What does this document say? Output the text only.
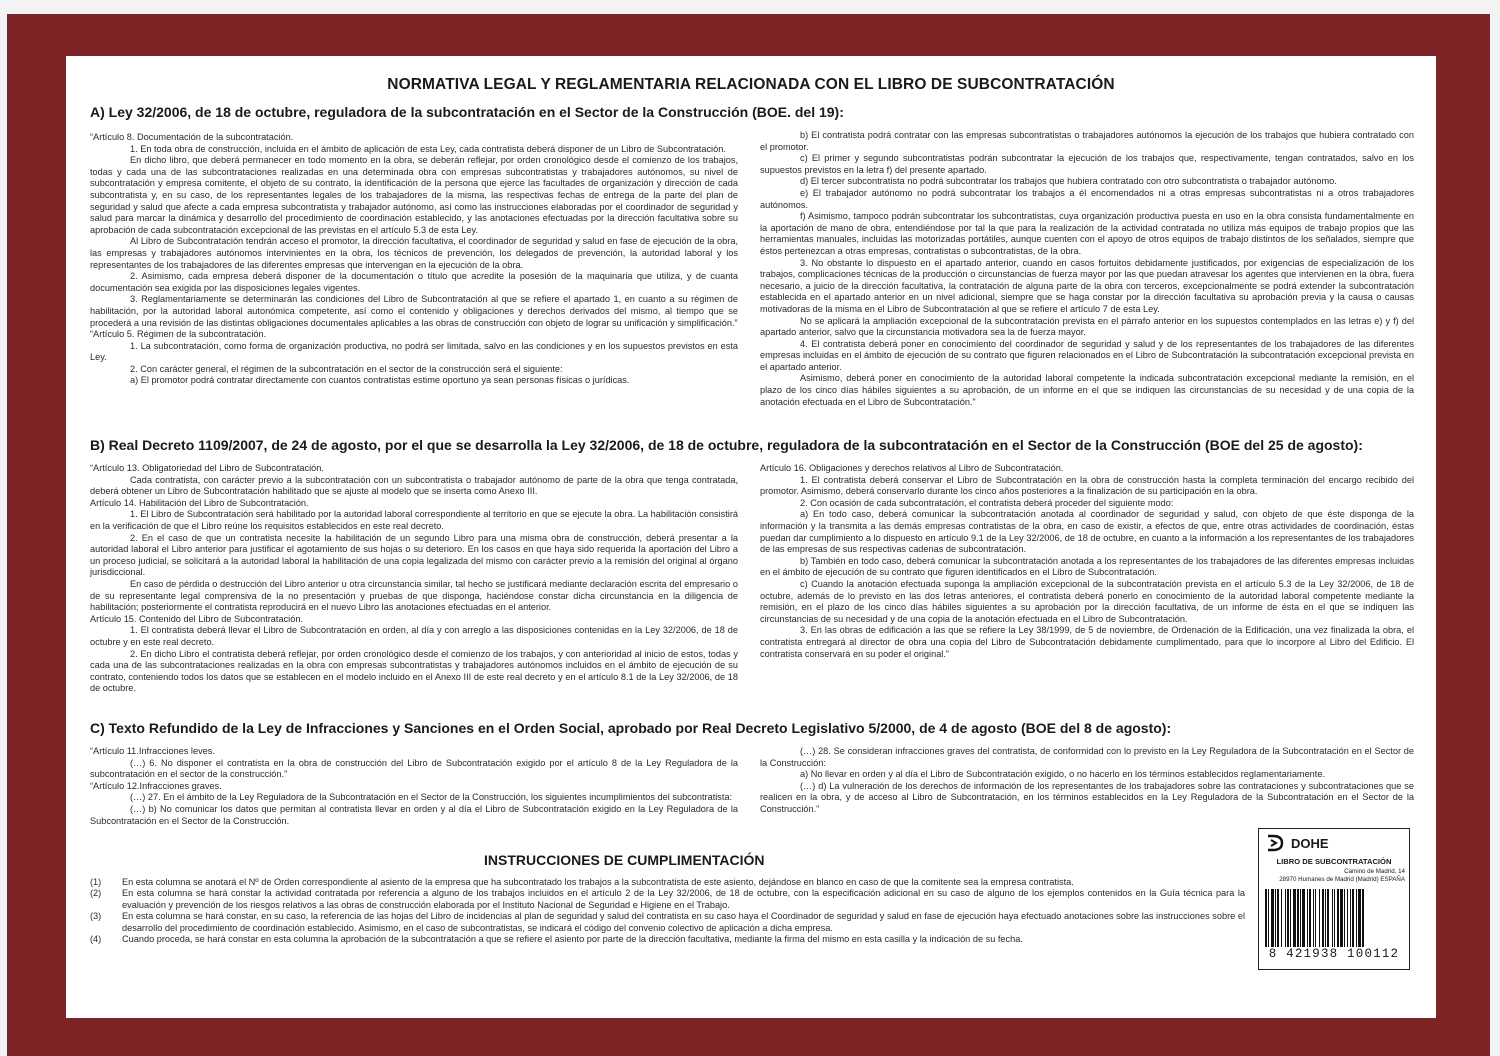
NORMATIVA LEGAL Y REGLAMENTARIA RELACIONADA CON EL LIBRO DE SUBCONTRATACIÓN
A) Ley 32/2006, de 18 de octubre, reguladora de la subcontratación en el Sector de la Construcción (BOE. del 19):

“Artículo 8. Documentación de la subcontratación.

1. En toda obra de construcción, incluida en el ámbito de aplicación de esta Ley, cada contratista deberá disponer de un Libro de Subcontratación.

En dicho libro, que deberá permanecer en todo momento en la obra, se deberán reflejar, por orden cronológico desde el comienzo de los trabajos, todas y cada una de las subcontrataciones realizadas en una determinada obra con empresas subcontratistas y trabajadores autónomos, su nivel de subcontratación y empresa comitente, el objeto de su contrato, la identificación de la persona que ejerce las facultades de organización y dirección de cada subcontratista y, en su caso, de los representantes legales de los trabajadores de la misma, las respectivas fechas de entrega de la parte del plan de seguridad y salud que afecte a cada empresa subcontratista y trabajador autónomo, así como las instrucciones elaboradas por el coordinador de seguridad y salud para marcar la dinámica y desarrollo del procedimiento de coordinación establecido, y las anotaciones efectuadas por la dirección facultativa sobre su aprobación de cada subcontratación excepcional de las previstas en el artículo 5.3 de esta Ley.

Al Libro de Subcontratación tendrán acceso el promotor, la dirección facultativa, el coordinador de seguridad y salud en fase de ejecución de la obra, las empresas y trabajadores autónomos intervinientes en la obra, los técnicos de prevención, los delegados de prevención, la autoridad laboral y los representantes de los trabajadores de las diferentes empresas que intervengan en la ejecución de la obra.

2. Asimismo, cada empresa deberá disponer de la documentación o título que acredite la posesión de la maquinaria que utiliza, y de cuanta documentación sea exigida por las disposiciones legales vigentes.

3. Reglamentariamente se determinarán las condiciones del Libro de Subcontratación al que se refiere el apartado 1, en cuanto a su régimen de habilitación, por la autoridad laboral autonómica competente, así como el contenido y obligaciones y derechos derivados del mismo, al tiempo que se procederá a una revisión de las distintas obligaciones documentales aplicables a las obras de construcción con objeto de lograr su unificación y simplificación.”

“Artículo 5. Régimen de la subcontratación.

1. La subcontratación, como forma de organización productiva, no podrá ser limitada, salvo en las condiciones y en los supuestos previstos en esta Ley.

2. Con carácter general, el régimen de la subcontratación en el sector de la construcción será el siguiente:

a) El promotor podrá contratar directamente con cuantos contratistas estime oportuno ya sean personas físicas o jurídicas.

b) El contratista podrá contratar con las empresas subcontratistas o trabajadores autónomos la ejecución de los trabajos que hubiera contratado con el promotor.

c) El primer y segundo subcontratistas podrán subcontratar la ejecución de los trabajos que, respectivamente, tengan contratados, salvo en los supuestos previstos en la letra f) del presente apartado.

d) El tercer subcontratista no podrá subcontratar los trabajos que hubiera contratado con otro subcontratista o trabajador autónomo.

e) El trabajador autónomo no podrá subcontratar los trabajos a él encomendados ni a otras empresas subcontratistas ni a otros trabajadores autónomos.

f) Asimismo, tampoco podrán subcontratar los subcontratistas, cuya organización productiva puesta en uso en la obra consista fundamentalmente en la aportación de mano de obra, entendiéndose por tal la que para la realización de la actividad contratada no utiliza más equipos de trabajo propios que las herramientas manuales, incluidas las motorizadas portátiles, aunque cuenten con el apoyo de otros equipos de trabajo distintos de los señalados, siempre que éstos pertenezcan a otras empresas, contratistas o subcontratistas, de la obra.

3. No obstante lo dispuesto en el apartado anterior, cuando en casos fortuitos debidamente justificados, por exigencias de especialización de los trabajos, complicaciones técnicas de la producción o circunstancias de fuerza mayor por las que puedan atravesar los agentes que intervienen en la obra, fuera necesario, a juicio de la dirección facultativa, la contratación de alguna parte de la obra con terceros, excepcionalmente se podrá extender la subcontratación establecida en el apartado anterior en un nivel adicional, siempre que se haga constar por la dirección facultativa su aprobación previa y la causa o causas motivadoras de la misma en el Libro de Subcontratación al que se refiere el artículo 7 de esta Ley.

No se aplicará la ampliación excepcional de la subcontratación prevista en el párrafo anterior en los supuestos contemplados en las letras e) y f) del apartado anterior, salvo que la circunstancia motivadora sea la de fuerza mayor.

4. El contratista deberá poner en conocimiento del coordinador de seguridad y salud y de los representantes de los trabajadores de las diferentes empresas incluidas en el ámbito de ejecución de su contrato que figuren relacionados en el Libro de Subcontratación la subcontratación excepcional prevista en el apartado anterior.

Asimismo, deberá poner en conocimiento de la autoridad laboral competente la indicada subcontratación excepcional mediante la remisión, en el plazo de los cinco días hábiles siguientes a su aprobación, de un informe en el que se indiquen las circunstancias de su necesidad y de una copia de la anotación efectuada en el Libro de Subcontratación.”

B) Real Decreto 1109/2007, de 24 de agosto, por el que se desarrolla la Ley 32/2006, de 18 de octubre, reguladora de la subcontratación en el Sector de la Construcción (BOE del 25 de agosto):

“Artículo 13. Obligatoriedad del Libro de Subcontratación.

Cada contratista, con carácter previo a la subcontratación con un subcontratista o trabajador autónomo de parte de la obra que tenga contratada, deberá obtener un Libro de Subcontratación habilitado que se ajuste al modelo que se inserta como Anexo III.

Artículo 14. Habilitación del Libro de Subcontratación.

1. El Libro de Subcontratación será habilitado por la autoridad laboral correspondiente al territorio en que se ejecute la obra. La habilitación consistirá en la verificación de que el Libro reúne los requisitos establecidos en este real decreto.

2. En el caso de que un contratista necesite la habilitación de un segundo Libro para una misma obra de construcción, deberá presentar a la autoridad laboral el Libro anterior para justificar el agotamiento de sus hojas o su deterioro. En los casos en que haya sido requerida la aportación del Libro a un proceso judicial, se solicitará a la autoridad laboral la habilitación de una copia legalizada del mismo con carácter previo a la remisión del original al órgano jurisdiccional.

En caso de pérdida o destrucción del Libro anterior u otra circunstancia similar, tal hecho se justificará mediante declaración escrita del empresario o de su representante legal comprensiva de la no presentación y pruebas de que disponga, haciéndose constar dicha circunstancia en la diligencia de habilitación; posteriormente el contratista reproducirá en el nuevo Libro las anotaciones efectuadas en el anterior.

Artículo 15. Contenido del Libro de Subcontratación.

1. El contratista deberá llevar el Libro de Subcontratación en orden, al día y con arreglo a las disposiciones contenidas en la Ley 32/2006, de 18 de octubre y en este real decreto.

2. En dicho Libro el contratista deberá reflejar, por orden cronológico desde el comienzo de los trabajos, y con anterioridad al inicio de estos, todas y cada una de las subcontrataciones realizadas en la obra con empresas subcontratistas y trabajadores autónomos incluidos en el ámbito de ejecución de su contrato, conteniendo todos los datos que se establecen en el modelo incluido en el Anexo III de este real decreto y en el artículo 8.1 de la Ley 32/2006, de 18 de octubre.

Artículo 16. Obligaciones y derechos relativos al Libro de Subcontratación.

1. El contratista deberá conservar el Libro de Subcontratación en la obra de construcción hasta la completa terminación del encargo recibido del promotor. Asimismo, deberá conservarlo durante los cinco años posteriores a la finalización de su participación en la obra.

2. Con ocasión de cada subcontratación, el contratista deberá proceder del siguiente modo:

a) En todo caso, deberá comunicar la subcontratación anotada al coordinador de seguridad y salud, con objeto de que éste disponga de la información y la transmita a las demás empresas contratistas de la obra, en caso de existir, a efectos de que, entre otras actividades de coordinación, éstas puedan dar cumplimiento a lo dispuesto en artículo 9.1 de la Ley 32/2006, de 18 de octubre, en cuanto a la información a los representantes de los trabajadores de las empresas de sus respectivas cadenas de subcontratación.

b) También en todo caso, deberá comunicar la subcontratación anotada a los representantes de los trabajadores de las diferentes empresas incluidas en el ámbito de ejecución de su contrato que figuren identificados en el Libro de Subcontratación.

c) Cuando la anotación efectuada suponga la ampliación excepcional de la subcontratación prevista en el artículo 5.3 de la Ley 32/2006, de 18 de octubre, además de lo previsto en las dos letras anteriores, el contratista deberá ponerlo en conocimiento de la autoridad laboral competente mediante la remisión, en el plazo de los cinco días hábiles siguientes a su aprobación por la dirección facultativa, de un informe de ésta en el que se indiquen las circunstancias de su necesidad y de una copia de la anotación efectuada en el Libro de Subcontratación.

3. En las obras de edificación a las que se refiere la Ley 38/1999, de 5 de noviembre, de Ordenación de la Edificación, una vez finalizada la obra, el contratista entregará al director de obra una copia del Libro de Subcontratación debidamente cumplimentado, para que lo incorpore al Libro del Edificio. El contratista conservará en su poder el original.”

C) Texto Refundido de la Ley de Infracciones y Sanciones en el Orden Social, aprobado por Real Decreto Legislativo 5/2000, de 4 de agosto (BOE del 8 de agosto):

“Artículo 11.Infracciones leves.

(…) 6. No disponer el contratista en la obra de construcción del Libro de Subcontratación exigido por el artículo 8 de la Ley Reguladora de la subcontratación en el sector de la construcción.”

“Artículo 12.Infracciones graves.

(…) 27. En el ámbito de la Ley Reguladora de la Subcontratación en el Sector de la Construcción, los siguientes incumplimientos del subcontratista:

(…) b) No comunicar los datos que permitan al contratista llevar en orden y al día el Libro de Subcontratación exigido en la Ley Reguladora de la Subcontratación en el Sector de la Construcción.

(…) 28. Se consideran infracciones graves del contratista, de conformidad con lo previsto en la Ley Reguladora de la Subcontratación en el Sector de la Construcción:

a) No llevar en orden y al día el Libro de Subcontratación exigido, o no hacerlo en los términos establecidos reglamentariamente.

(…) d) La vulneración de los derechos de información de los representantes de los trabajadores sobre las contrataciones y subcontrataciones que se realicen en la obra, y de acceso al Libro de Subcontratación, en los términos establecidos en la Ley Reguladora de la Subcontratación en el Sector de la Construcción.”

INSTRUCCIONES DE CUMPLIMENTACIÓN
(1)	En esta columna se anotará el Nº de Orden correspondiente al asiento de la empresa que ha subcontratado los trabajos a la subcontratista de este asiento, dejándose en blanco en caso de que la comitente sea la empresa contratista.
(2)	En esta columna se hará constar la actividad contratada por referencia a alguno de los trabajos incluidos en el artículo 2 de la Ley 32/2006, de 18 de octubre, con la especificación adicional en su caso de alguno de los ejemplos contenidos en la Guía técnica para la evaluación y prevención de los riesgos relativos a las obras de construcción elaborada por el Instituto Nacional de Seguridad e Higiene en el Trabajo.
(3)	En esta columna se hará constar, en su caso, la referencia de las hojas del Libro de incidencias al plan de seguridad y salud del contratista en su caso haya el Coordinador de seguridad y salud en fase de ejecución haya efectuado anotaciones sobre las instrucciones sobre el desarrollo del procedimiento de coordinación establecido. Asimismo, en el caso de subcontratistas, se indicará el código del convenio colectivo de aplicación a dicha empresa.
(4)	Cuando proceda, se hará constar en esta columna la aprobación de la subcontratación a que se refiere el asiento por parte de la dirección facultativa, mediante la firma del mismo en esta casilla y la indicación de su fecha.
DOHE
LIBRO DE SUBCONTRATACIÓN
Camino de Madrid, 14
28970 Humanes de Madrid (Madrid) ESPAÑA
8 421938 100112
